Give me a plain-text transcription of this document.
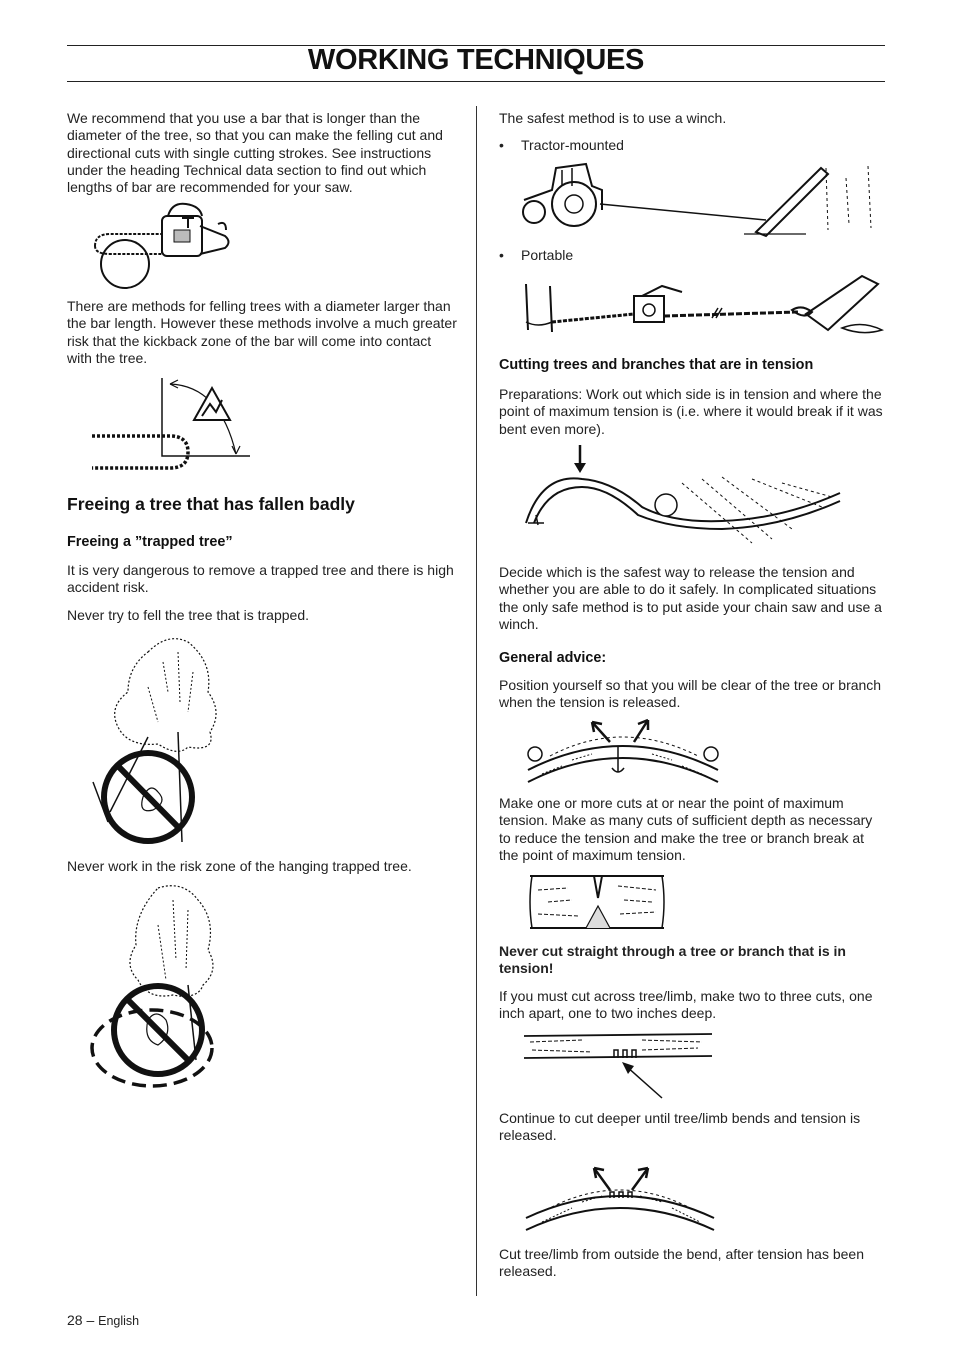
WORKING TECHNIQUES

We recommend that you use a bar that is longer than the diameter of the tree, so that you can make the felling cut and directional cuts with single cutting strokes. See instructions under the heading Technical data section to find out which lengths of bar are recommended for your saw.

There are methods for felling trees with a diameter larger than the bar length. However these methods involve a much greater risk that the kickback zone of the bar will come into contact with the tree.

Freeing a tree that has fallen badly
Freeing a ”trapped tree”

It is very dangerous to remove a trapped tree and there is high accident risk.

Never try to fell the tree that is trapped.

Never work in the risk zone of the hanging trapped tree.

The safest method is to use a winch.

• Tractor-mounted
• Portable
Cutting trees and branches that are in tension

Preparations: Work out which side is in tension and where the point of maximum tension is (i.e. where it would break if it was bent even more).

Decide which is the safest way to release the tension and whether you are able to do it safely. In complicated situations the only safe method is to put aside your chain saw and use a winch.

General advice:

Position yourself so that you will be clear of the tree or branch when the tension is released.

Make one or more cuts at or near the point of maximum tension. Make as many cuts of sufficient depth as necessary to reduce the tension and make the tree or branch break at the point of maximum tension.

Never cut straight through a tree or branch that is in tension!

If you must cut across tree/limb, make two to three cuts, one inch apart, one to two inches deep.

Continue to cut deeper until tree/limb bends and tension is released.

Cut tree/limb from outside the bend, after tension has been released.

28 – English
